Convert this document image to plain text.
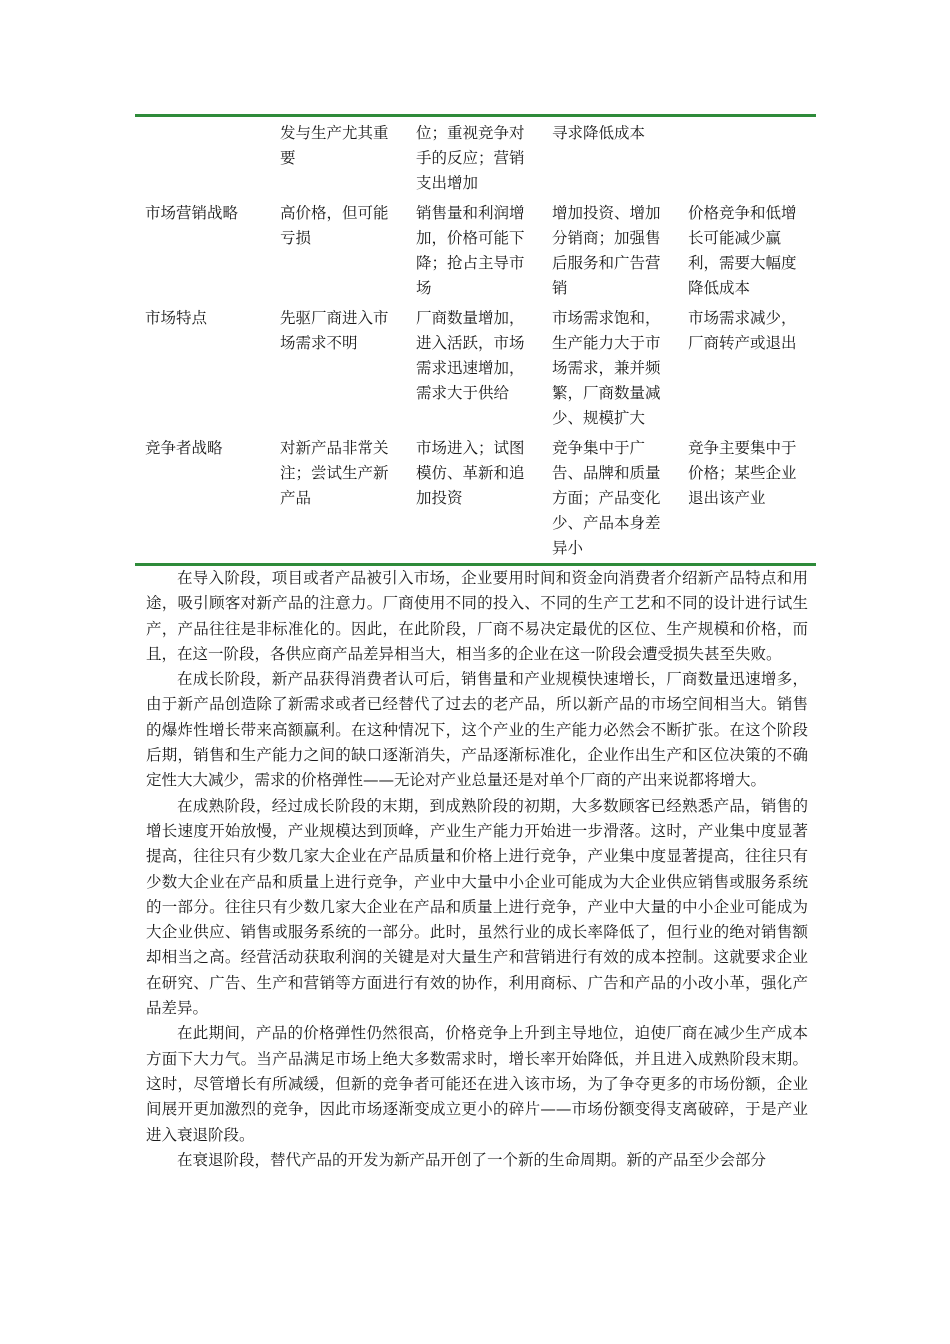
	发与生产尤其重要	位；重视竞争对手的反应；营销支出增加	寻求降低成本	
市场营销战略	高价格，但可能亏损	销售量和利润增加，价格可能下降；抢占主导市场	增加投资、增加分销商；加强售后服务和广告营销	价格竞争和低增长可能减少赢利，需要大幅度降低成本
市场特点	先驱厂商进入市场需求不明	厂商数量增加，进入活跃，市场需求迅速增加，需求大于供给	市场需求饱和，生产能力大于市场需求，兼并频繁，厂商数量减少、规模扩大	市场需求减少，厂商转产或退出
竞争者战略	对新产品非常关注；尝试生产新产品	市场进入；试图模仿、革新和追加投资	竞争集中于广告、品牌和质量方面；产品变化少、产品本身差异小	竞争主要集中于价格；某些企业退出该产业

在导入阶段，项目或者产品被引入市场，企业要用时间和资金向消费者介绍新产品特点和用途，吸引顾客对新产品的注意力。厂商使用不同的投入、不同的生产工艺和不同的设计进行试生产，产品往往是非标准化的。因此，在此阶段，厂商不易决定最优的区位、生产规模和价格，而且，在这一阶段，各供应商产品差异相当大，相当多的企业在这一阶段会遭受损失甚至失败。

在成长阶段，新产品获得消费者认可后，销售量和产业规模快速增长，厂商数量迅速增多，由于新产品创造除了新需求或者已经替代了过去的老产品，所以新产品的市场空间相当大。销售的爆炸性增长带来高额赢利。在这种情况下，这个产业的生产能力必然会不断扩张。在这个阶段后期，销售和生产能力之间的缺口逐渐消失，产品逐渐标准化，企业作出生产和区位决策的不确定性大大减少，需求的价格弹性——无论对产业总量还是对单个厂商的产出来说都将增大。

在成熟阶段，经过成长阶段的末期，到成熟阶段的初期，大多数顾客已经熟悉产品，销售的增长速度开始放慢，产业规模达到顶峰，产业生产能力开始进一步滑落。这时，产业集中度显著提高，往往只有少数几家大企业在产品质量和价格上进行竞争，产业集中度显著提高，往往只有少数大企业在产品和质量上进行竞争，产业中大量中小企业可能成为大企业供应销售或服务系统的一部分。往往只有少数几家大企业在产品和质量上进行竞争，产业中大量的中小企业可能成为大企业供应、销售或服务系统的一部分。此时，虽然行业的成长率降低了，但行业的绝对销售额却相当之高。经营活动获取利润的关键是对大量生产和营销进行有效的成本控制。这就要求企业在研究、广告、生产和营销等方面进行有效的协作，利用商标、广告和产品的小改小革，强化产品差异。

在此期间，产品的价格弹性仍然很高，价格竞争上升到主导地位，迫使厂商在减少生产成本方面下大力气。当产品满足市场上绝大多数需求时，增长率开始降低，并且进入成熟阶段末期。这时，尽管增长有所减缓，但新的竞争者可能还在进入该市场，为了争夺更多的市场份额，企业间展开更加激烈的竞争，因此市场逐渐变成立更小的碎片——市场份额变得支离破碎，于是产业进入衰退阶段。

在衰退阶段，替代产品的开发为新产品开创了一个新的生命周期。新的产品至少会部分
